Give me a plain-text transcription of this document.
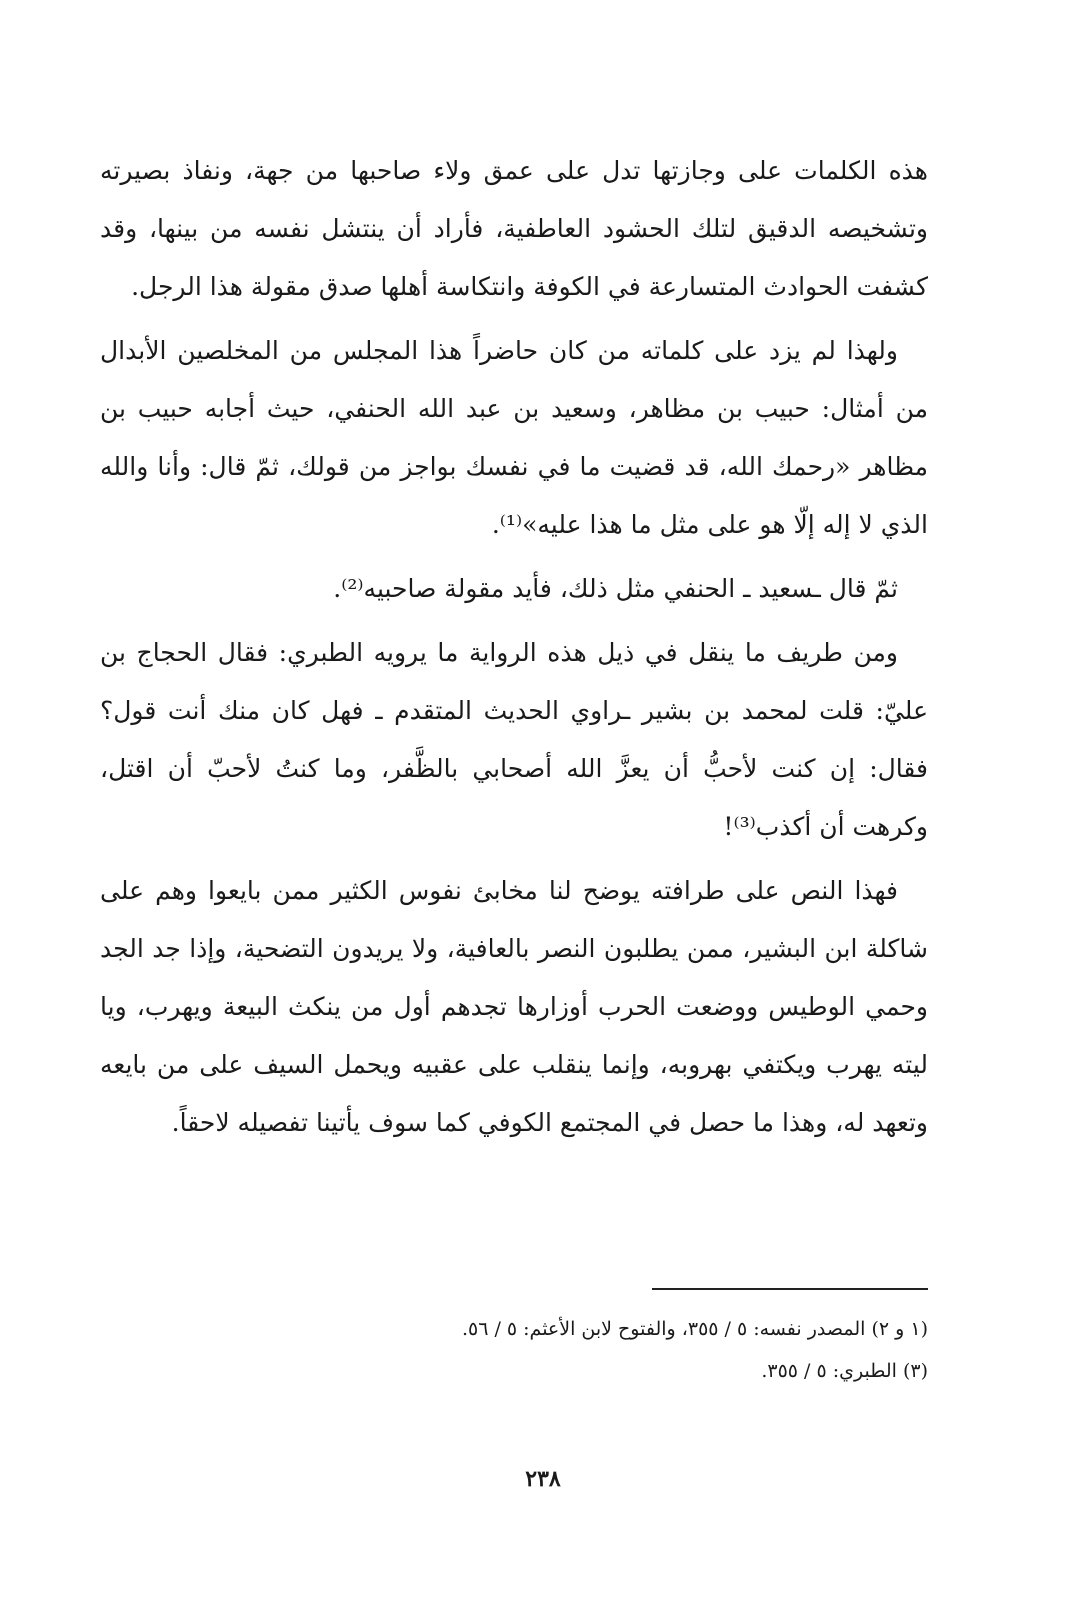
هذه الكلمات على وجازتها تدل على عمق ولاء صاحبها من جهة، ونفاذ بصيرته وتشخيصه الدقيق لتلك الحشود العاطفية، فأراد أن ينتشل نفسه من بينها، وقد كشفت الحوادث المتسارعة في الكوفة وانتكاسة أهلها صدق مقولة هذا الرجل.

ولهذا لم يزد على كلماته من كان حاضراً هذا المجلس من المخلصين الأبدال من أمثال: حبيب بن مظاهر، وسعيد بن عبد الله الحنفي، حيث أجابه حبيب بن مظاهر «رحمك الله، قد قضيت ما في نفسك بواجز من قولك، ثمّ قال: وأنا والله الذي لا إله إلّا هو على مثل ما هذا عليه»⁽¹⁾.

ثمّ قال ـسعيد ـ الحنفي مثل ذلك، فأيد مقولة صاحبيه⁽²⁾.

ومن طريف ما ينقل في ذيل هذه الرواية ما يرويه الطبري: فقال الحجاج بن عليّ: قلت لمحمد بن بشير ـراوي الحديث المتقدم ـ فهل كان منك أنت قول؟ فقال: إن كنت لأحبُّ أن يعزَّ الله أصحابي بالظَّفر، وما كنتُ لأحبّ أن اقتل، وكرهت أن أكذب⁽³⁾!

فهذا النص على طرافته يوضح لنا مخابئ نفوس الكثير ممن بايعوا وهم على شاكلة ابن البشير، ممن يطلبون النصر بالعافية، ولا يريدون التضحية، وإذا جد الجد وحمي الوطيس ووضعت الحرب أوزارها تجدهم أول من ينكث البيعة ويهرب، ويا ليته يهرب ويكتفي بهروبه، وإنما ينقلب على عقبيه ويحمل السيف على من بايعه وتعهد له، وهذا ما حصل في المجتمع الكوفي كما سوف يأتينا تفصيله لاحقاً.

(١ و ٢) المصدر نفسه: ٥ / ٣٥٥، والفتوح لابن الأعثم: ٥ / ٥٦.

(٣) الطبري: ٥ / ٣٥٥.

٢٣٨
